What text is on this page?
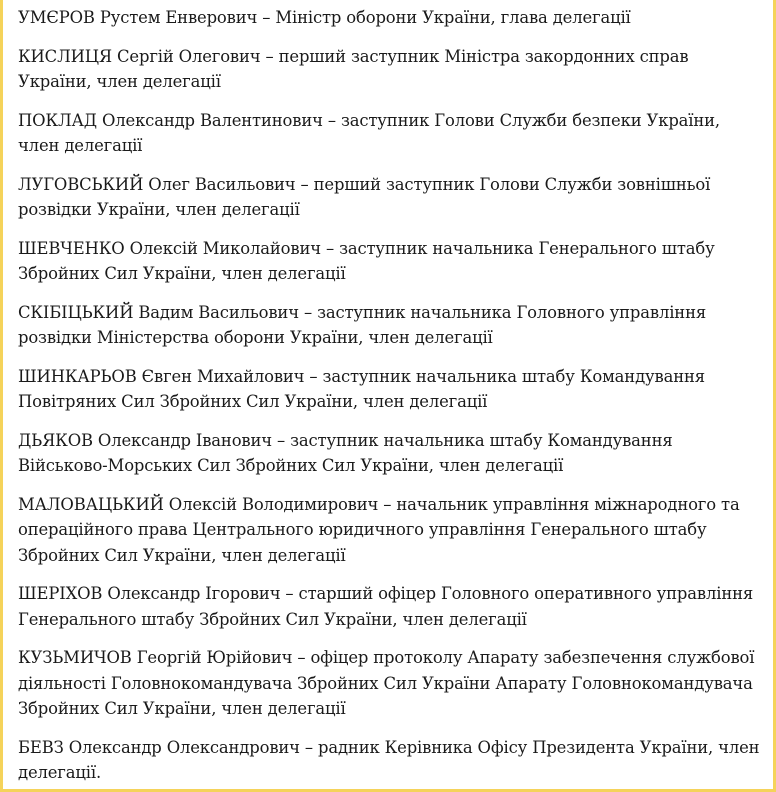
УМЄРОВ Рустем Енверович – Міністр оборони України, глава делегації
КИСЛИЦЯ Сергій Олегович – перший заступник Міністра закордонних справ України, член делегації
ПОКЛАД Олександр Валентинович – заступник Голови Служби безпеки України, член делегації
ЛУГОВСЬКИЙ Олег Васильович – перший заступник Голови Служби зовнішньої розвідки України, член делегації
ШЕВЧЕНКО Олексій Миколайович – заступник начальника Генерального штабу Збройних Сил України, член делегації
СКІБІЦЬКИЙ Вадим Васильович – заступник начальника Головного управління розвідки Міністерства оборони України, член делегації
ШИНКАРЬОВ Євген Михайлович – заступник начальника штабу Командування Повітряних Сил Збройних Сил України, член делегації
ДЬЯКОВ Олександр Іванович – заступник начальника штабу Командування Військово-Морських Сил Збройних Сил України, член делегації
МАЛОВАЦЬКИЙ Олексій Володимирович – начальник управління міжнародного та операційного права Центрального юридичного управління Генерального штабу Збройних Сил України, член делегації
ШЕРІХОВ Олександр Ігорович – старший офіцер Головного оперативного управління Генерального штабу Збройних Сил України, член делегації
КУЗЬМИЧОВ Георгій Юрійович – офіцер протоколу Апарату забезпечення службової діяльності Головнокомандувача Збройних Сил України Апарату Головнокомандувача Збройних Сил України, член делегації
БЕВЗ Олександр Олександрович – радник Керівника Офісу Президента України, член делегації.
